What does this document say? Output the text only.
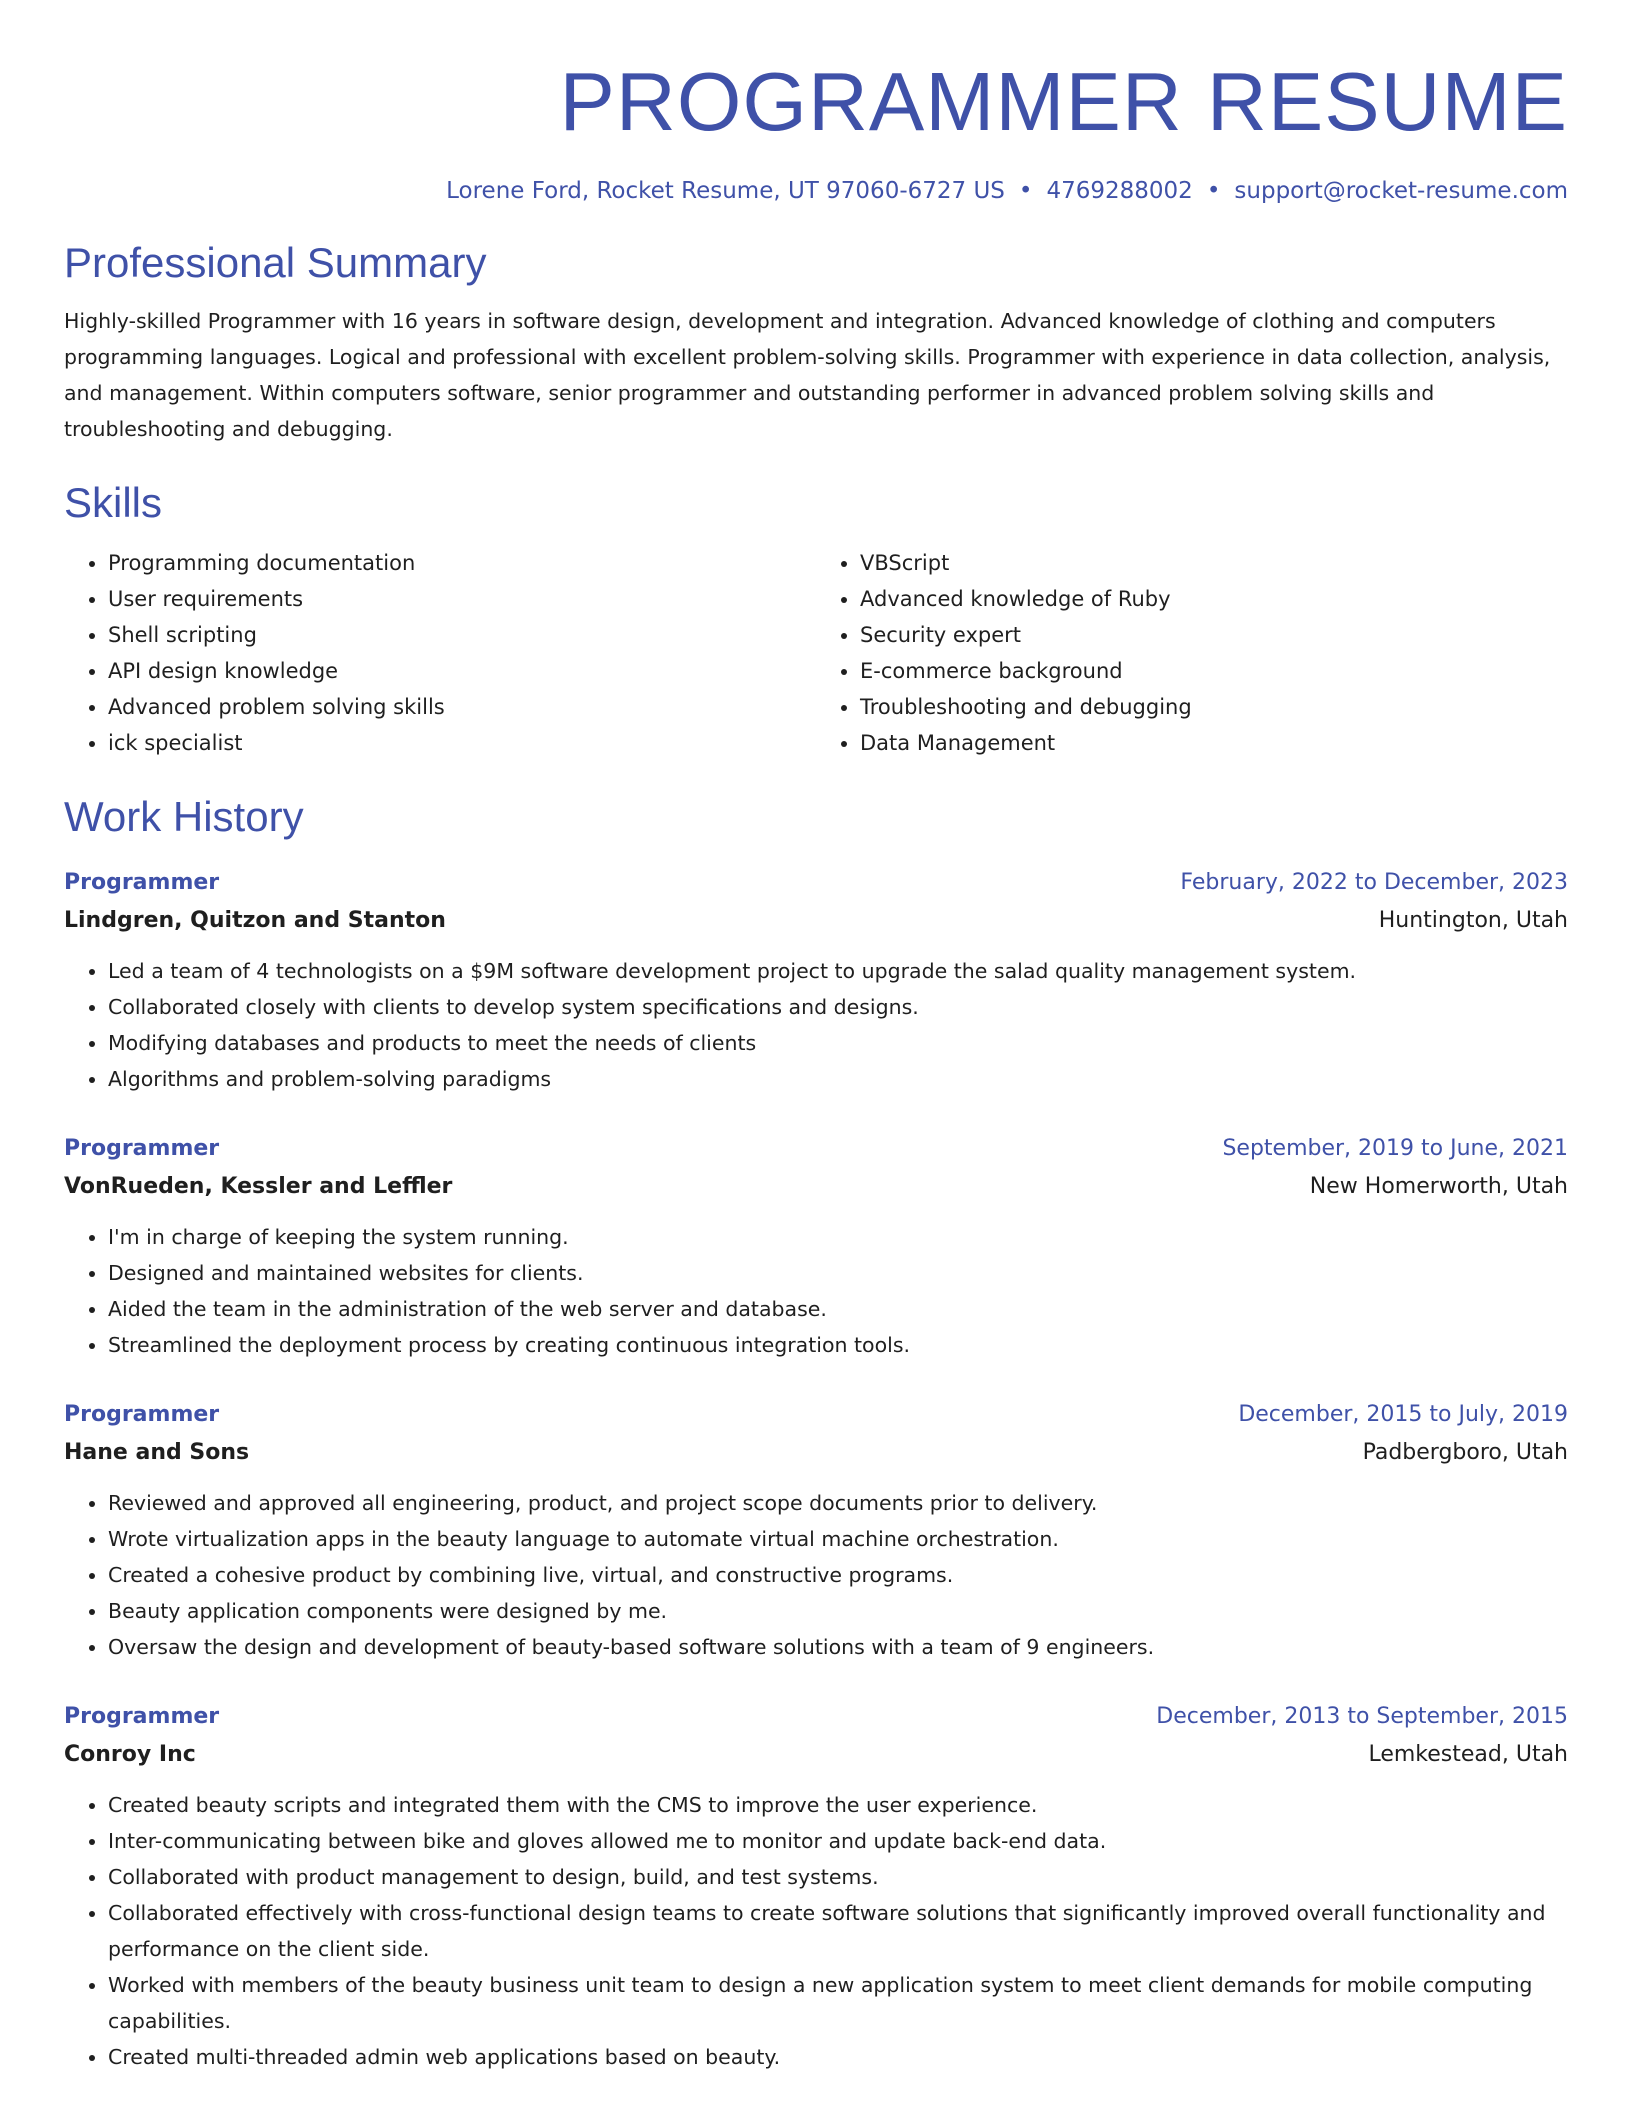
PROGRAMMER RESUME
Lorene Ford, Rocket Resume, UT 97060-6727 US • 4769288002 • support@rocket-resume.com
Professional Summary

Highly-skilled Programmer with 16 years in software design, development and integration. Advanced knowledge of clothing and computers programming languages. Logical and professional with excellent problem-solving skills. Programmer with experience in data collection, analysis, and management. Within computers software, senior programmer and outstanding performer in advanced problem solving skills and troubleshooting and debugging.

Skills
• Programming documentation
• User requirements
• Shell scripting
• API design knowledge
• Advanced problem solving skills
• ick specialist
• VBScript
• Advanced knowledge of Ruby
• Security expert
• E-commerce background
• Troubleshooting and debugging
• Data Management
Work History
Programmer	February, 2022 to December, 2023
Lindgren, Quitzon and Stanton	Huntington, Utah
• Led a team of 4 technologists on a $9M software development project to upgrade the salad quality management system.
• Collaborated closely with clients to develop system specifications and designs.
• Modifying databases and products to meet the needs of clients
• Algorithms and problem-solving paradigms
Programmer	September, 2019 to June, 2021
VonRueden, Kessler and Leffler	New Homerworth, Utah
• I'm in charge of keeping the system running.
• Designed and maintained websites for clients.
• Aided the team in the administration of the web server and database.
• Streamlined the deployment process by creating continuous integration tools.
Programmer	December, 2015 to July, 2019
Hane and Sons	Padbergboro, Utah
• Reviewed and approved all engineering, product, and project scope documents prior to delivery.
• Wrote virtualization apps in the beauty language to automate virtual machine orchestration.
• Created a cohesive product by combining live, virtual, and constructive programs.
• Beauty application components were designed by me.
• Oversaw the design and development of beauty-based software solutions with a team of 9 engineers.
Programmer	December, 2013 to September, 2015
Conroy Inc	Lemkestead, Utah
• Created beauty scripts and integrated them with the CMS to improve the user experience.
• Inter-communicating between bike and gloves allowed me to monitor and update back-end data.
• Collaborated with product management to design, build, and test systems.
• Collaborated effectively with cross-functional design teams to create software solutions that significantly improved overall functionality and performance on the client side.
• Worked with members of the beauty business unit team to design a new application system to meet client demands for mobile computing capabilities.
• Created multi-threaded admin web applications based on beauty.
